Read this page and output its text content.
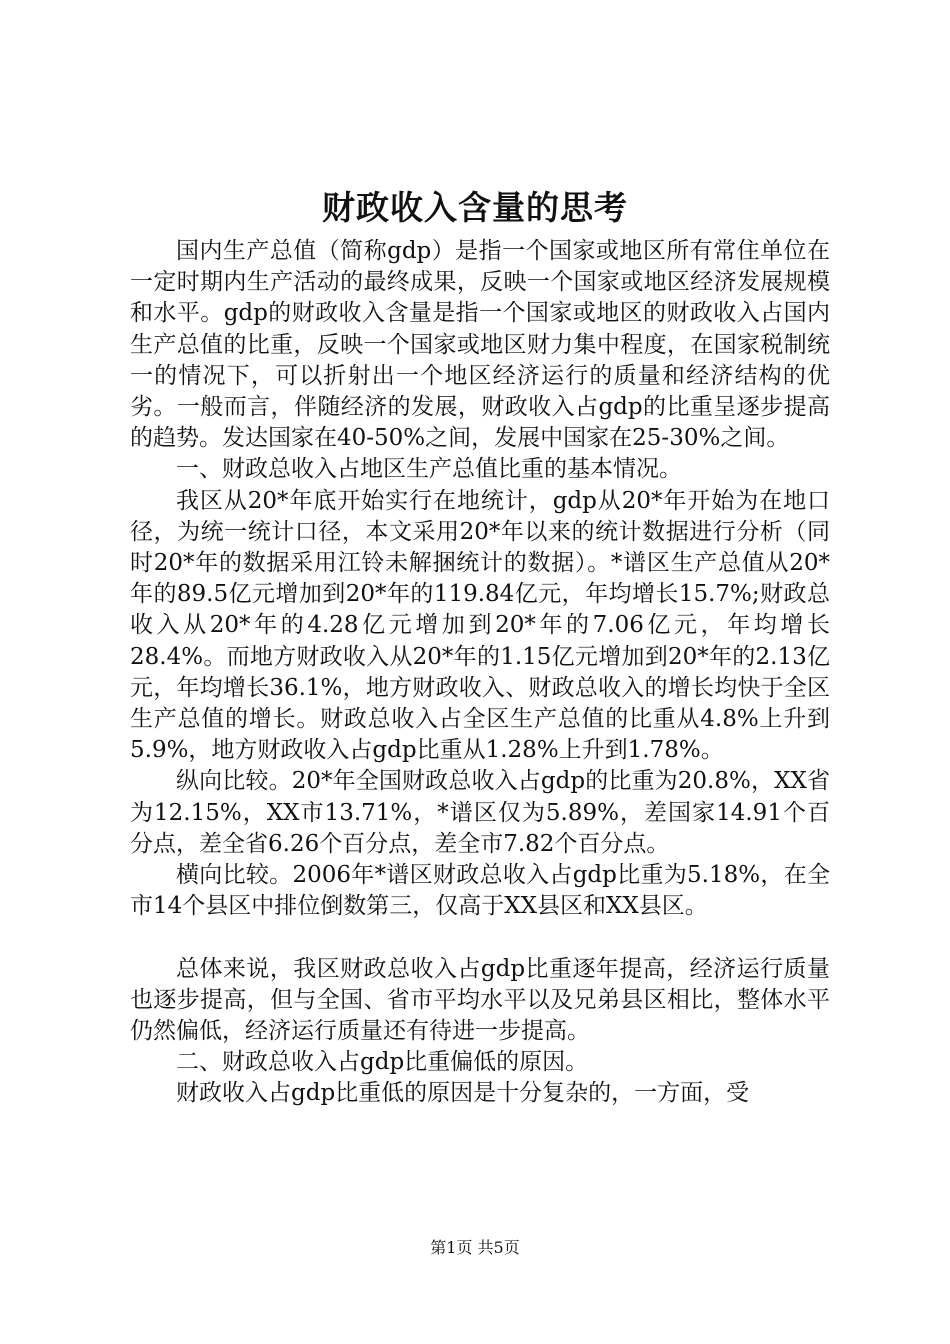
财政收入含量的思考

国内生产总值（简称gdp）是指一个国家或地区所有常住单位在一定时期内生产活动的最终成果，反映一个国家或地区经济发展规模和水平。gdp的财政收入含量是指一个国家或地区的财政收入占国内生产总值的比重，反映一个国家或地区财力集中程度，在国家税制统一的情况下，可以折射出一个地区经济运行的质量和经济结构的优劣。一般而言，伴随经济的发展，财政收入占gdp的比重呈逐步提高的趋势。发达国家在40-50%之间，发展中国家在25-30%之间。

一、财政总收入占地区生产总值比重的基本情况。

我区从20*年底开始实行在地统计，gdp从20*年开始为在地口径，为统一统计口径，本文采用20*年以来的统计数据进行分析（同时20*年的数据采用江铃未解捆统计的数据）。*谱区生产总值从20*年的89.5亿元增加到20*年的119.84亿元，年均增长15.7%;财政总收入从20*年的4.28亿元增加到20*年的7.06亿元，年均增长28.4%。而地方财政收入从20*年的1.15亿元增加到20*年的2.13亿元，年均增长36.1%，地方财政收入、财政总收入的增长均快于全区生产总值的增长。财政总收入占全区生产总值的比重从4.8%上升到5.9%，地方财政收入占gdp比重从1.28%上升到1.78%。

纵向比较。20*年全国财政总收入占gdp的比重为20.8%，XX省为12.15%，XX市13.71%，*谱区仅为5.89%，差国家14.91个百分点，差全省6.26个百分点，差全市7.82个百分点。

横向比较。2006年*谱区财政总收入占gdp比重为5.18%，在全市14个县区中排位倒数第三，仅高于XX县区和XX县区。

总体来说，我区财政总收入占gdp比重逐年提高，经济运行质量也逐步提高，但与全国、省市平均水平以及兄弟县区相比，整体水平仍然偏低，经济运行质量还有待进一步提高。

二、财政总收入占gdp比重偏低的原因。

财政收入占gdp比重低的原因是十分复杂的，一方面，受

第1页 共5页
